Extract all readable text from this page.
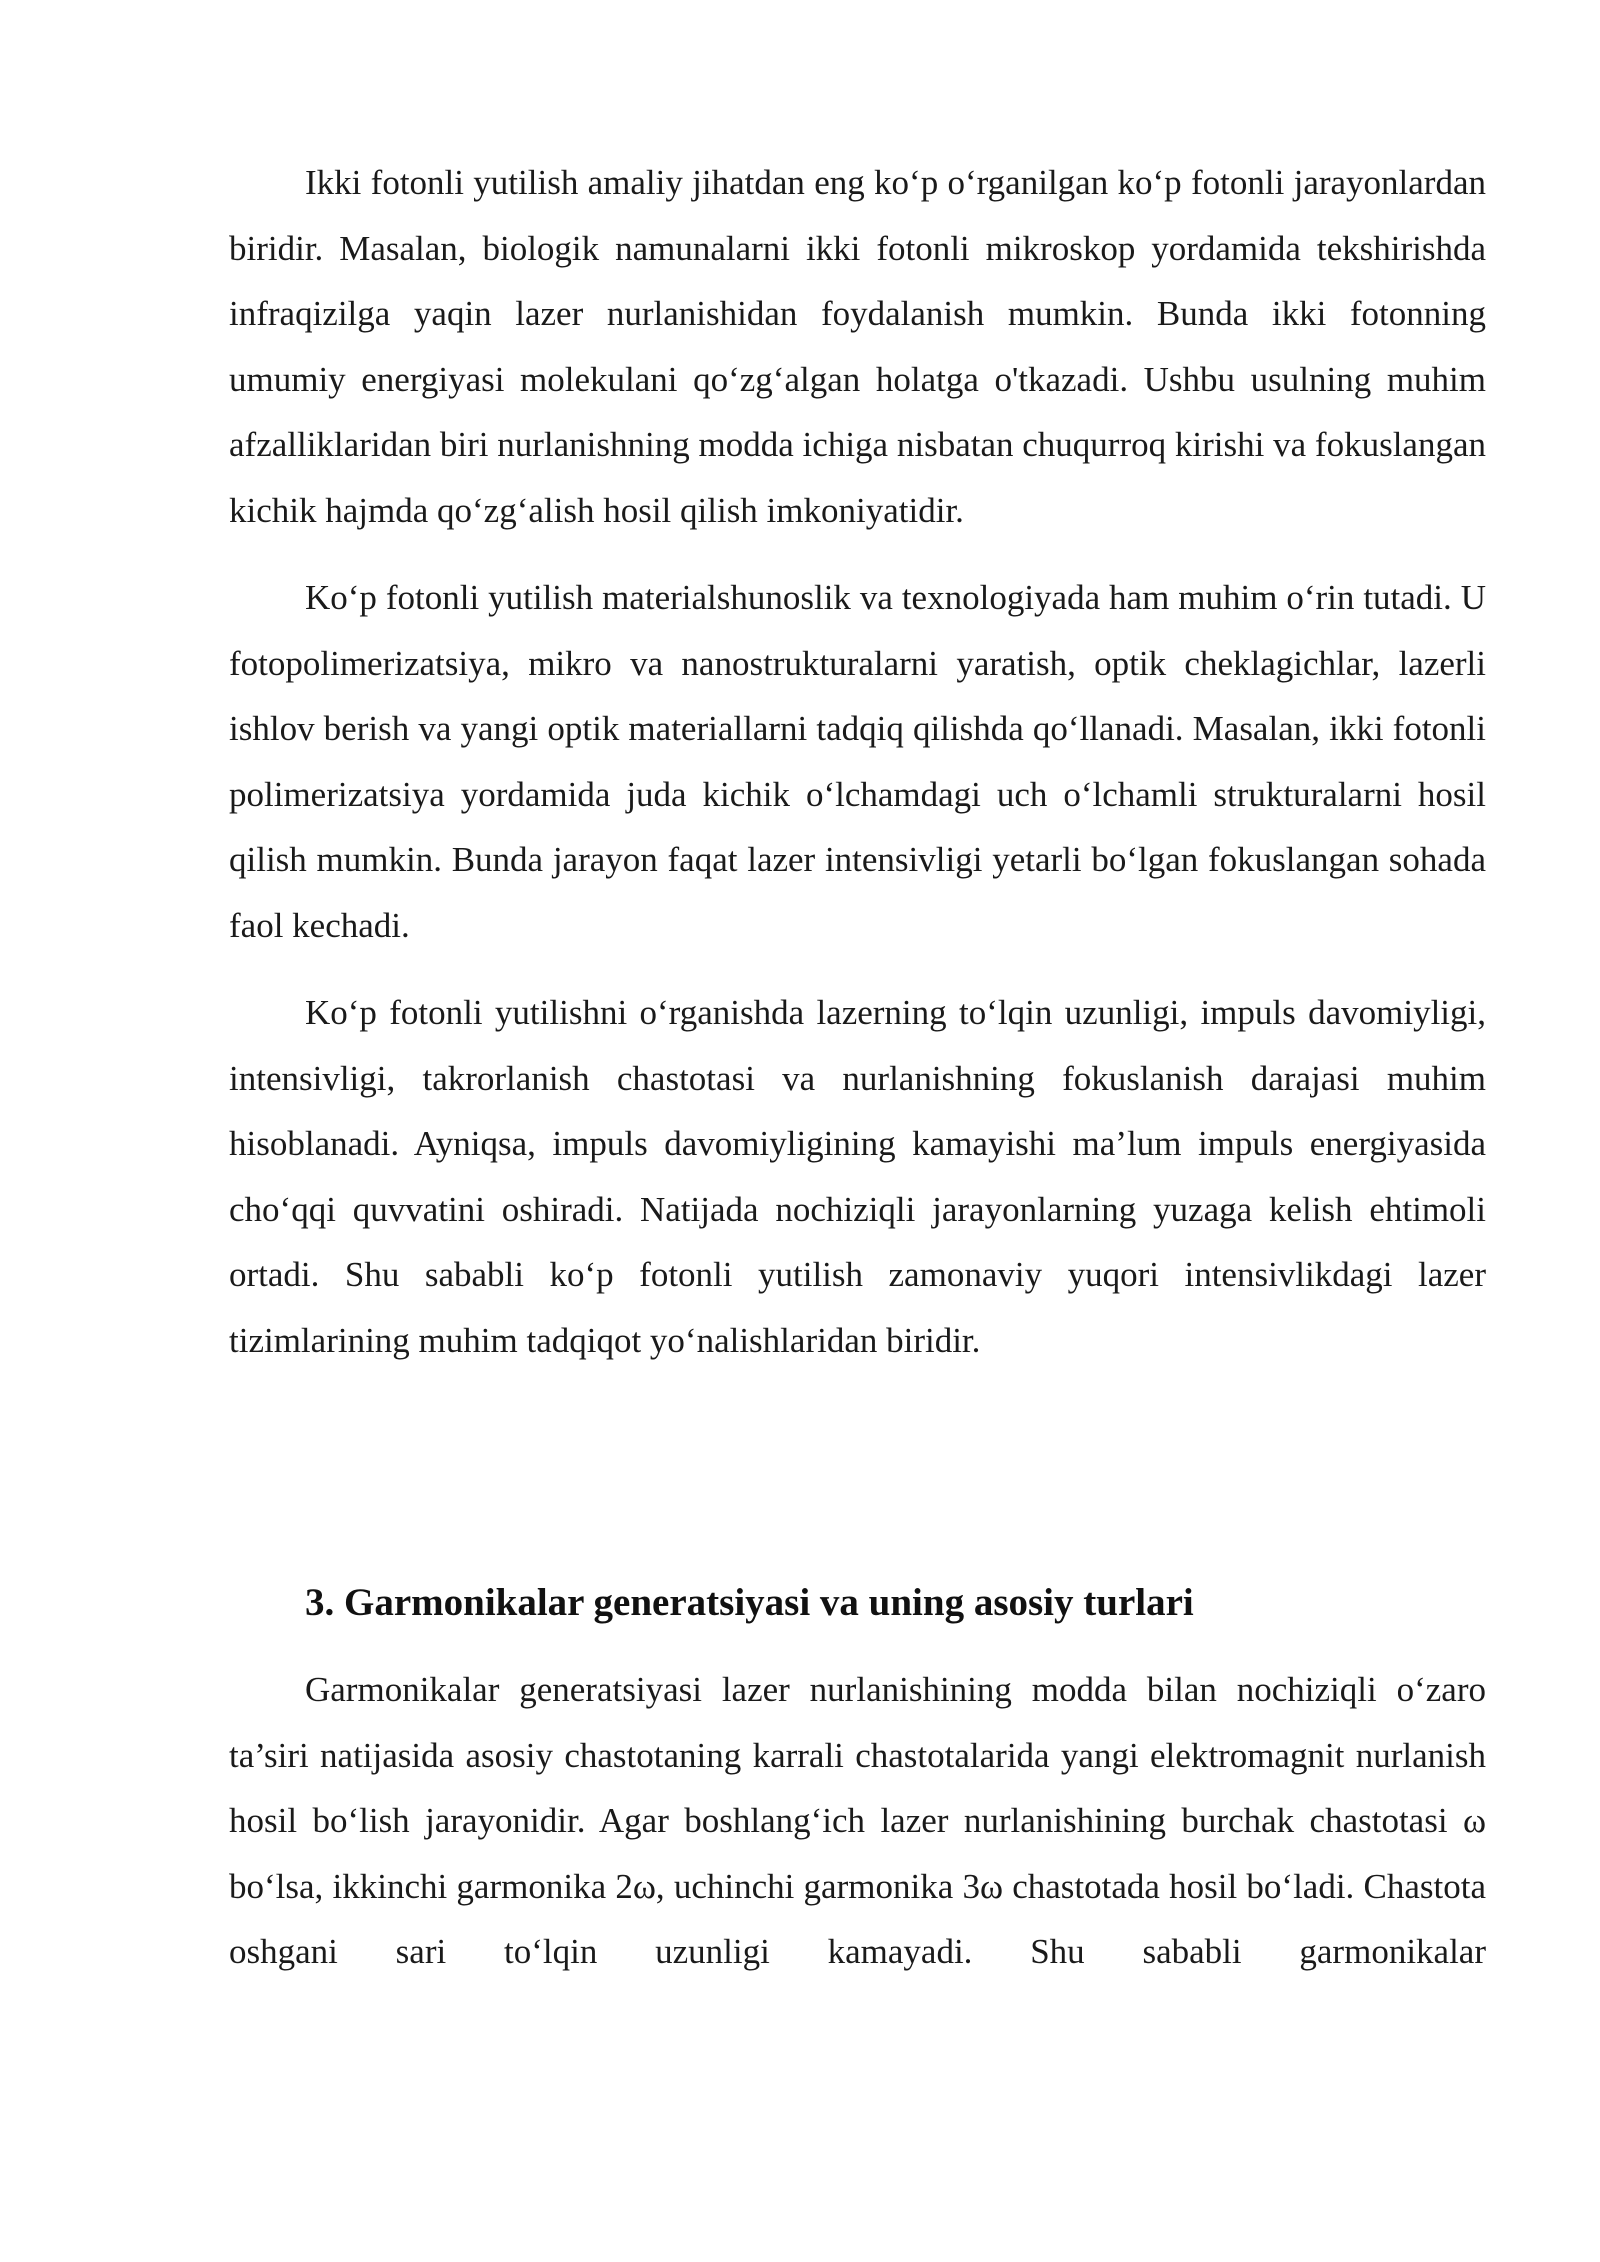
Ikki fotonli yutilish amaliy jihatdan eng ko‘p o‘rganilgan ko‘p fotonli jarayonlardan biridir. Masalan, biologik namunalarni ikki fotonli mikroskop yordamida tekshirishda infraqizilga yaqin lazer nurlanishidan foydalanish mumkin. Bunda ikki fotonning umumiy energiyasi molekulani qo‘zg‘algan holatga o'tkazadi. Ushbu usulning muhim afzalliklaridan biri nurlanishning modda ichiga nisbatan chuqurroq kirishi va fokuslangan kichik hajmda qo‘zg‘alish hosil qilish imkoniyatidir.

Ko‘p fotonli yutilish materialshunoslik va texnologiyada ham muhim o‘rin tutadi. U fotopolimerizatsiya, mikro va nanostrukturalarni yaratish, optik cheklagichlar, lazerli ishlov berish va yangi optik materiallarni tadqiq qilishda qo‘llanadi. Masalan, ikki fotonli polimerizatsiya yordamida juda kichik o‘lchamdagi uch o‘lchamli strukturalarni hosil qilish mumkin. Bunda jarayon faqat lazer intensivligi yetarli bo‘lgan fokuslangan sohada faol kechadi.

Ko‘p fotonli yutilishni o‘rganishda lazerning to‘lqin uzunligi, impuls davomiyligi, intensivligi, takrorlanish chastotasi va nurlanishning fokuslanish darajasi muhim hisoblanadi. Ayniqsa, impuls davomiyligining kamayishi ma’lum impuls energiyasida cho‘qqi quvvatini oshiradi. Natijada nochiziqli jarayonlarning yuzaga kelish ehtimoli ortadi. Shu sababli ko‘p fotonli yutilish zamonaviy yuqori intensivlikdagi lazer tizimlarining muhim tadqiqot yo‘nalishlaridan biridir.

3. Garmonikalar generatsiyasi va uning asosiy turlari

Garmonikalar generatsiyasi lazer nurlanishining modda bilan nochiziqli o‘zaro ta’siri natijasida asosiy chastotaning karrali chastotalarida yangi elektromagnit nurlanish hosil bo‘lish jarayonidir. Agar boshlang‘ich lazer nurlanishining burchak chastotasi ω bo‘lsa, ikkinchi garmonika 2ω, uchinchi garmonika 3ω chastotada hosil bo‘ladi. Chastota oshgani sari to‘lqin uzunligi kamayadi. Shu sababli garmonikalar
